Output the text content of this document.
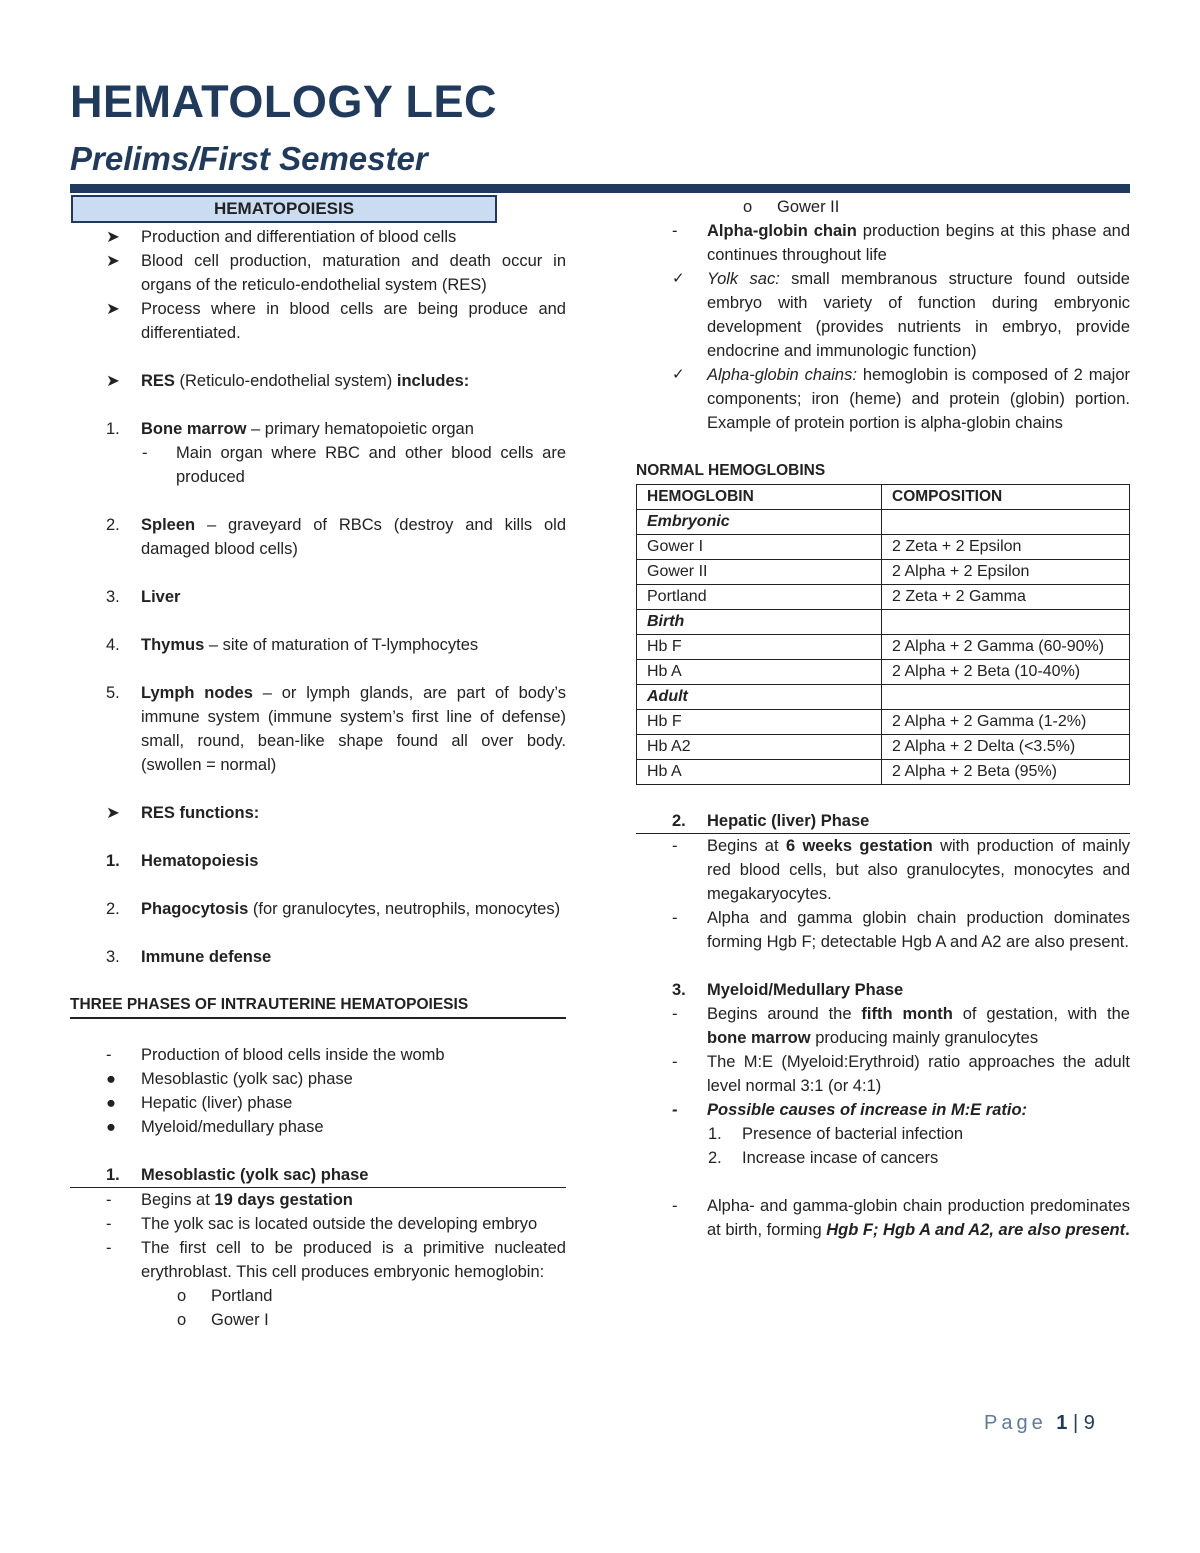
HEMATOLOGY LEC
Prelims/First Semester
HEMATOPOIESIS
➤ Production and differentiation of blood cells
➤ Blood cell production, maturation and death occur in organs of the reticulo-endothelial system (RES)
➤ Process where in blood cells are being produce and differentiated.
➤ RES (Reticulo-endothelial system) includes:
1. Bone marrow – primary hematopoietic organ
- Main organ where RBC and other blood cells are produced
2. Spleen – graveyard of RBCs (destroy and kills old damaged blood cells)
3. Liver
4. Thymus – site of maturation of T-lymphocytes
5. Lymph nodes – or lymph glands, are part of body’s immune system (immune system’s first line of defense) small, round, bean-like shape found all over body. (swollen = normal)
➤ RES functions:
1. Hematopoiesis
2. Phagocytosis (for granulocytes, neutrophils, monocytes)
3. Immune defense
THREE PHASES OF INTRAUTERINE HEMATOPOIESIS
- Production of blood cells inside the womb
● Mesoblastic (yolk sac) phase
● Hepatic (liver) phase
● Myeloid/medullary phase
1. Mesoblastic (yolk sac) phase
- Begins at 19 days gestation
- The yolk sac is located outside the developing embryo
- The first cell to be produced is a primitive nucleated erythroblast. This cell produces embryonic hemoglobin:
o Portland
o Gower I
o Gower II
- Alpha-globin chain production begins at this phase and continues throughout life
✓ Yolk sac: small membranous structure found outside embryo with variety of function during embryonic development (provides nutrients in embryo, provide endocrine and immunologic function)
✓ Alpha-globin chains: hemoglobin is composed of 2 major components; iron (heme) and protein (globin) portion. Example of protein portion is alpha-globin chains
NORMAL HEMOGLOBINS
HEMOGLOBIN	COMPOSITION
Embryonic	
Gower I	2 Zeta + 2 Epsilon
Gower II	2 Alpha + 2 Epsilon
Portland	2 Zeta + 2 Gamma
Birth	
Hb F	2 Alpha + 2 Gamma (60-90%)
Hb A	2 Alpha + 2 Beta (10-40%)
Adult	
Hb F	2 Alpha + 2 Gamma (1-2%)
Hb A2	2 Alpha + 2 Delta (<3.5%)
Hb A	2 Alpha + 2 Beta (95%)
2. Hepatic (liver) Phase
- Begins at 6 weeks gestation with production of mainly red blood cells, but also granulocytes, monocytes and megakaryocytes.
- Alpha and gamma globin chain production dominates forming Hgb F; detectable Hgb A and A2 are also present.
3. Myeloid/Medullary Phase
- Begins around the fifth month of gestation, with the bone marrow producing mainly granulocytes
- The M:E (Myeloid:Erythroid) ratio approaches the adult level normal 3:1 (or 4:1)
- Possible causes of increase in M:E ratio:
1. Presence of bacterial infection
2. Increase incase of cancers
- Alpha- and gamma-globin chain production predominates at birth, forming Hgb F; Hgb A and A2, are also present.
Page 1 | 9
